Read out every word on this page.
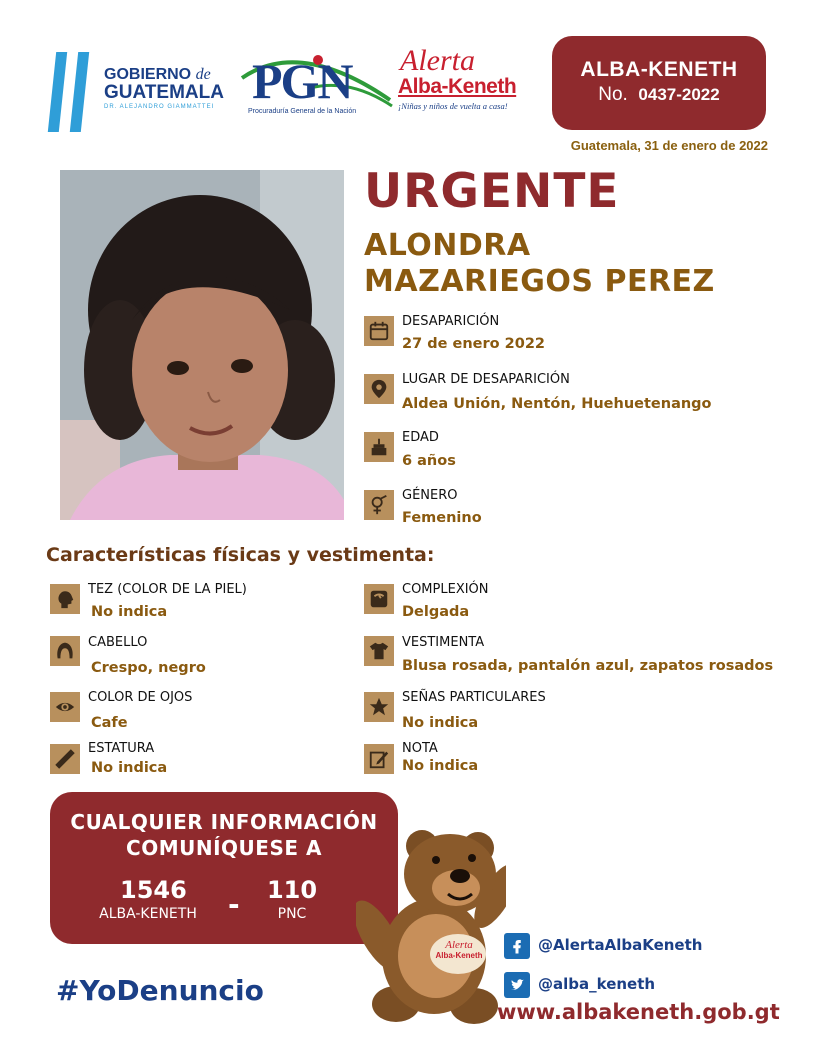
GOBIERNO de
GUATEMALA
DR. ALEJANDRO GIAMMATTEI PGN
Procuraduría General de la Nación
Alerta
Alba-Keneth
¡Niñas y niños de vuelta a casa!
ALBA-KENETH
No. 0437-2022
Guatemala, 31 de enero de 2022
URGENTE
ALONDRA
MAZARIEGOS PEREZ
DESAPARICIÓN
27 de enero 2022
LUGAR DE DESAPARICIÓN
Aldea Unión, Nentón, Huehuetenango
EDAD
6 años
GÉNERO
Femenino
Características físicas y vestimenta:
TEZ (COLOR DE LA PIEL)
No indica
CABELLO
Crespo, negro
COLOR DE OJOS
Cafe
ESTATURA
No indica
COMPLEXIÓN
Delgada
VESTIMENTA
Blusa rosada, pantalón azul, zapatos rosados
SEÑAS PARTICULARES
No indica
NOTA
No indica
CUALQUIER INFORMACIÓN
COMUNÍQUESE A
1546
ALBA-KENETH	- 110
PNC
Alerta
Alba-Keneth
#YoDenuncio
@AlertaAlbaKeneth
@alba_keneth
www.albakeneth.gob.gt
